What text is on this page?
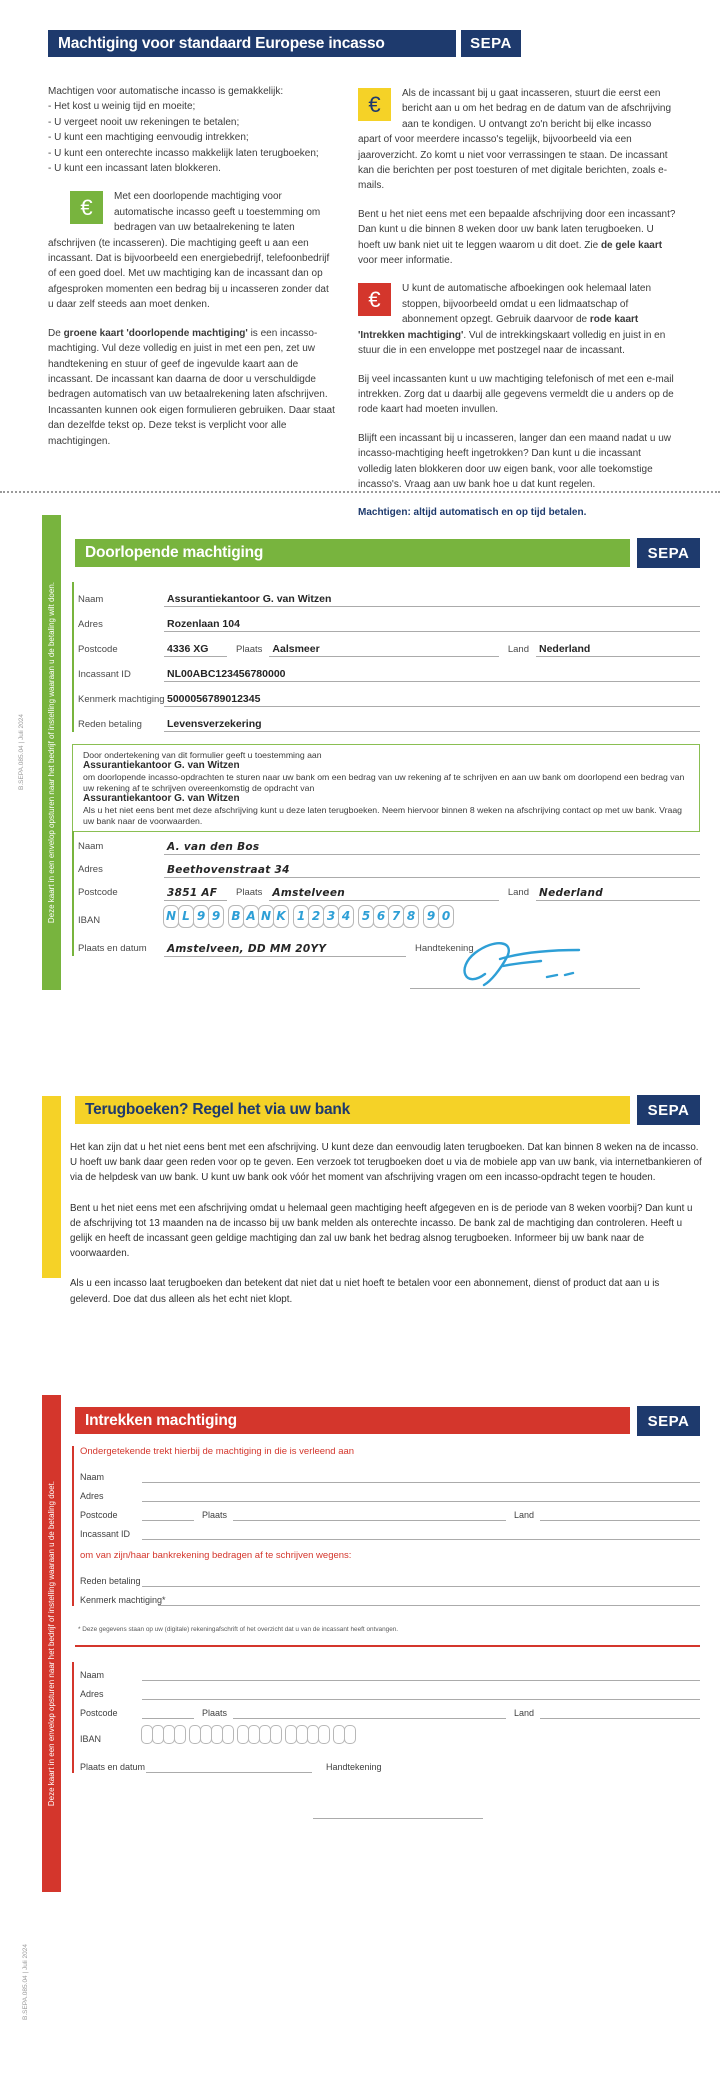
Machtiging voor standaard Europese incasso	SEPA
Machtigen voor automatische incasso is gemakkelijk:
- Het kost u weinig tijd en moeite;
- U vergeet nooit uw rekeningen te betalen;
- U kunt een machtiging eenvoudig intrekken;
- U kunt een onterechte incasso makkelijk laten terugboeken;
- U kunt een incassant laten blokkeren.

€	Met een doorlopende machtiging voor automatische incasso geeft u toestemming om bedragen van uw betaalrekening te laten afschrijven (te incasseren). Die machtiging geeft u aan een incassant. Dat is bijvoorbeeld een energiebedrijf, telefoonbedrijf of een goed doel. Met uw machtiging kan de incassant dan op afgesproken momenten een bedrag bij u incasseren zonder dat u daar zelf steeds aan moet denken.

De groene kaart 'doorlopende machtiging' is een incasso-machtiging. Vul deze volledig en juist in met een pen, zet uw handtekening en stuur of geef de ingevulde kaart aan de incassant. De incassant kan daarna de door u verschuldigde bedragen automatisch van uw betaalrekening laten afschrijven. Incassanten kunnen ook eigen formulieren gebruiken. Daar staat dan dezelfde tekst op. Deze tekst is verplicht voor alle machtigingen.

€	Als de incassant bij u gaat incasseren, stuurt die eerst een bericht aan u om het bedrag en de datum van de afschrijving aan te kondigen. U ontvangt zo'n bericht bij elke incasso apart of voor meerdere incasso's tegelijk, bijvoorbeeld via een jaaroverzicht. Zo komt u niet voor verrassingen te staan. De incassant kan die berichten per post toesturen of met digitale berichten, zoals e-mails.

Bent u het niet eens met een bepaalde afschrijving door een incassant? Dan kunt u die binnen 8 weken door uw bank laten terugboeken. U hoeft uw bank niet uit te leggen waarom u dit doet. Zie de gele kaart voor meer informatie.

€	U kunt de automatische afboekingen ook helemaal laten stoppen, bijvoorbeeld omdat u een lidmaatschap of abonnement opzegt. Gebruik daarvoor de rode kaart 'Intrekken machtiging'. Vul de intrekkingskaart volledig en juist in en stuur die in een enveloppe met postzegel naar de incassant.

Bij veel incassanten kunt u uw machtiging telefonisch of met een e-mail intrekken. Zorg dat u daarbij alle gegevens vermeldt die u anders op de rode kaart had moeten invullen.

Blijft een incassant bij u incasseren, langer dan een maand nadat u uw incasso-machtiging heeft ingetrokken? Dan kunt u die incassant volledig laten blokkeren door uw eigen bank, voor alle toekomstige incasso's. Vraag aan uw bank hoe u dat kunt regelen.

Machtigen: altijd automatisch en op tijd betalen.

B.SEPA.085.04 | Juli 2024	Deze kaart in een envelop opsturen naar het bedrijf of instelling waaraan u de betaling wilt doen.
Doorlopende machtiging	SEPA
Naam	Assurantiekantoor G. van Witzen
Adres	Rozenlaan 104
Postcode	4336 XG	Plaats Aalsmeer	Land Nederland
Incassant ID	NL00ABC123456780000
Kenmerk machtiging 5000056789012345
Reden betaling	Levensverzekering
Door ondertekening van dit formulier geeft u toestemming aan
Assurantiekantoor G. van Witzen
om doorlopende incasso-opdrachten te sturen naar uw bank om een bedrag van uw rekening af te schrijven en aan uw bank om doorlopend een bedrag van uw rekening af te schrijven overeenkomstig de opdracht van
Assurantiekantoor G. van Witzen
Als u het niet eens bent met deze afschrijving kunt u deze laten terugboeken. Neem hiervoor binnen 8 weken na afschrijving contact op met uw bank. Vraag uw bank naar de voorwaarden.
Naam	A. van den Bos
Adres	Beethovenstraat 34
Postcode	3851 AF	Plaats Amstelveen	Land Nederland
IBAN	N L 9 9 B A N K 1 2 3 4 5 6 7 8 9 0
Plaats en datum	Amstelveen, DD MM 20YY	Handtekening
Terugboeken? Regel het via uw bank	SEPA

Het kan zijn dat u het niet eens bent met een afschrijving. U kunt deze dan eenvoudig laten terugboeken. Dat kan binnen 8 weken na de incasso. U hoeft uw bank daar geen reden voor op te geven. Een verzoek tot terugboeken doet u via de mobiele app van uw bank, via internetbankieren of via de helpdesk van uw bank. U kunt uw bank ook vóór het moment van afschrijving vragen om een incasso-opdracht tegen te houden.

Bent u het niet eens met een afschrijving omdat u helemaal geen machtiging heeft afgegeven en is de periode van 8 weken voorbij? Dan kunt u de afschrijving tot 13 maanden na de incasso bij uw bank melden als onterechte incasso. De bank zal de machtiging dan controleren. Heeft u gelijk en heeft de incassant geen geldige machtiging dan zal uw bank het bedrag alsnog terugboeken. Informeer bij uw bank naar de voorwaarden.

Als u een incasso laat terugboeken dan betekent dat niet dat u niet hoeft te betalen voor een abonnement, dienst of product dat aan u is geleverd. Doe dat dus alleen als het echt niet klopt.

Deze kaart in een envelop opsturen naar het bedrijf of instelling waaraan u de betaling doet.
Intrekken machtiging	SEPA
Ondergetekende trekt hierbij de machtiging in die is verleend aan
Naam
Adres
Postcode	Plaats	Land
Incassant ID
om van zijn/haar bankrekening bedragen af te schrijven wegens:
Reden betaling
Kenmerk machtiging*
* Deze gegevens staan op uw (digitale) rekeningafschrift of het overzicht dat u van de incassant heeft ontvangen.
Naam
Adres
Postcode	Plaats	Land
IBAN
Plaats en datum	Handtekening
B.SEPA.085.04 | Juli 2024
